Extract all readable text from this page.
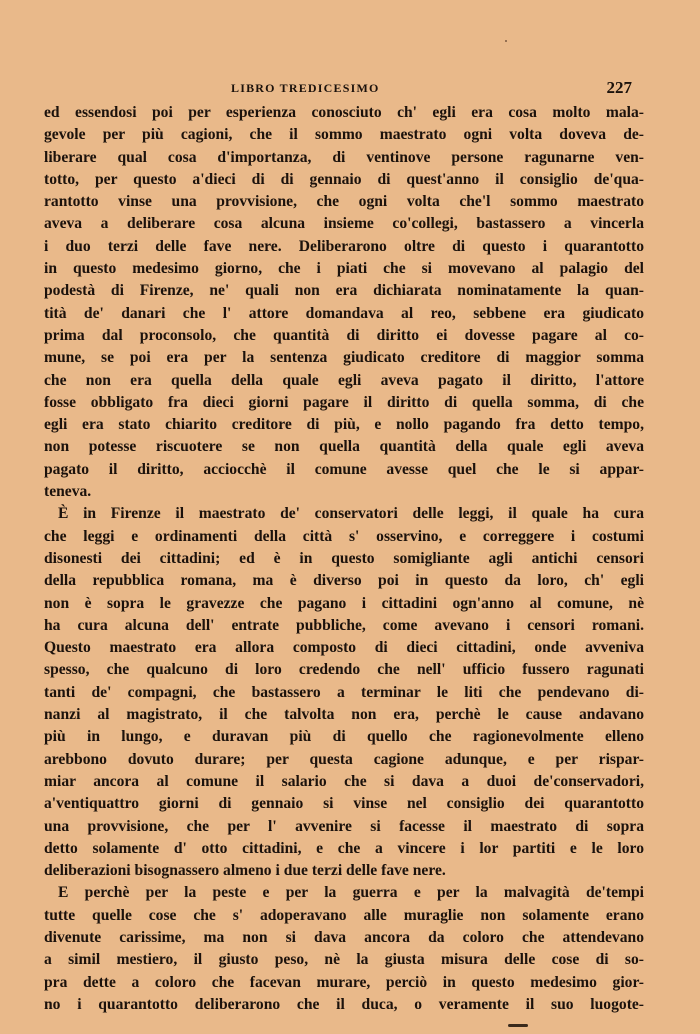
LIBRO TREDICESIMO	227
ed essendosi poi per esperienza conosciuto ch' egli era cosa molto mala-
gevole per più cagioni, che il sommo maestrato ogni volta doveva de-
liberare qual cosa d'importanza, di ventinove persone ragunarne ven-
totto, per questo a'dieci di di gennaio di quest'anno il consiglio de'qua-
rantotto vinse una provvisione, che ogni volta che'l sommo maestrato
aveva a deliberare cosa alcuna insieme co'collegi, bastassero a vincerla
i duo terzi delle fave nere. Deliberarono oltre di questo i quarantotto
in questo medesimo giorno, che i piati che si movevano al palagio del
podestà di Firenze, ne' quali non era dichiarata nominatamente la quan-
tità de' danari che l' attore domandava al reo, sebbene era giudicato
prima dal proconsolo, che quantità di diritto ei dovesse pagare al co-
mune, se poi era per la sentenza giudicato creditore di maggior somma
che non era quella della quale egli aveva pagato il diritto, l'attore
fosse obbligato fra dieci giorni pagare il diritto di quella somma, di che
egli era stato chiarito creditore di più, e nollo pagando fra detto tempo,
non potesse riscuotere se non quella quantità della quale egli aveva
pagato il diritto, acciocchè il comune avesse quel che le si appar-
teneva.
È in Firenze il maestrato de' conservatori delle leggi, il quale ha cura
che leggi e ordinamenti della città s' osservino, e correggere i costumi
disonesti dei cittadini; ed è in questo somigliante agli antichi censori
della repubblica romana, ma è diverso poi in questo da loro, ch' egli
non è sopra le gravezze che pagano i cittadini ogn'anno al comune, nè
ha cura alcuna dell' entrate pubbliche, come avevano i censori romani.
Questo maestrato era allora composto di dieci cittadini, onde avveniva
spesso, che qualcuno di loro credendo che nell' ufficio fussero ragunati
tanti de' compagni, che bastassero a terminar le liti che pendevano di-
nanzi al magistrato, il che talvolta non era, perchè le cause andavano
più in lungo, e duravan più di quello che ragionevolmente elleno
arebbono dovuto durare; per questa cagione adunque, e per rispar-
miar ancora al comune il salario che si dava a duoi de'conservadori,
a'ventiquattro giorni di gennaio si vinse nel consiglio dei quarantotto
una provvisione, che per l' avvenire si facesse il maestrato di sopra
detto solamente d' otto cittadini, e che a vincere i lor partiti e le loro
deliberazioni bisognassero almeno i due terzi delle fave nere.
E perchè per la peste e per la guerra e per la malvagità de'tempi
tutte quelle cose che s' adoperavano alle muraglie non solamente erano
divenute carissime, ma non si dava ancora da coloro che attendevano
a simil mestiero, il giusto peso, nè la giusta misura delle cose di so-
pra dette a coloro che facevan murare, perciò in questo medesimo gior-
no i quarantotto deliberarono che il duca, o veramente il suo luogote-
